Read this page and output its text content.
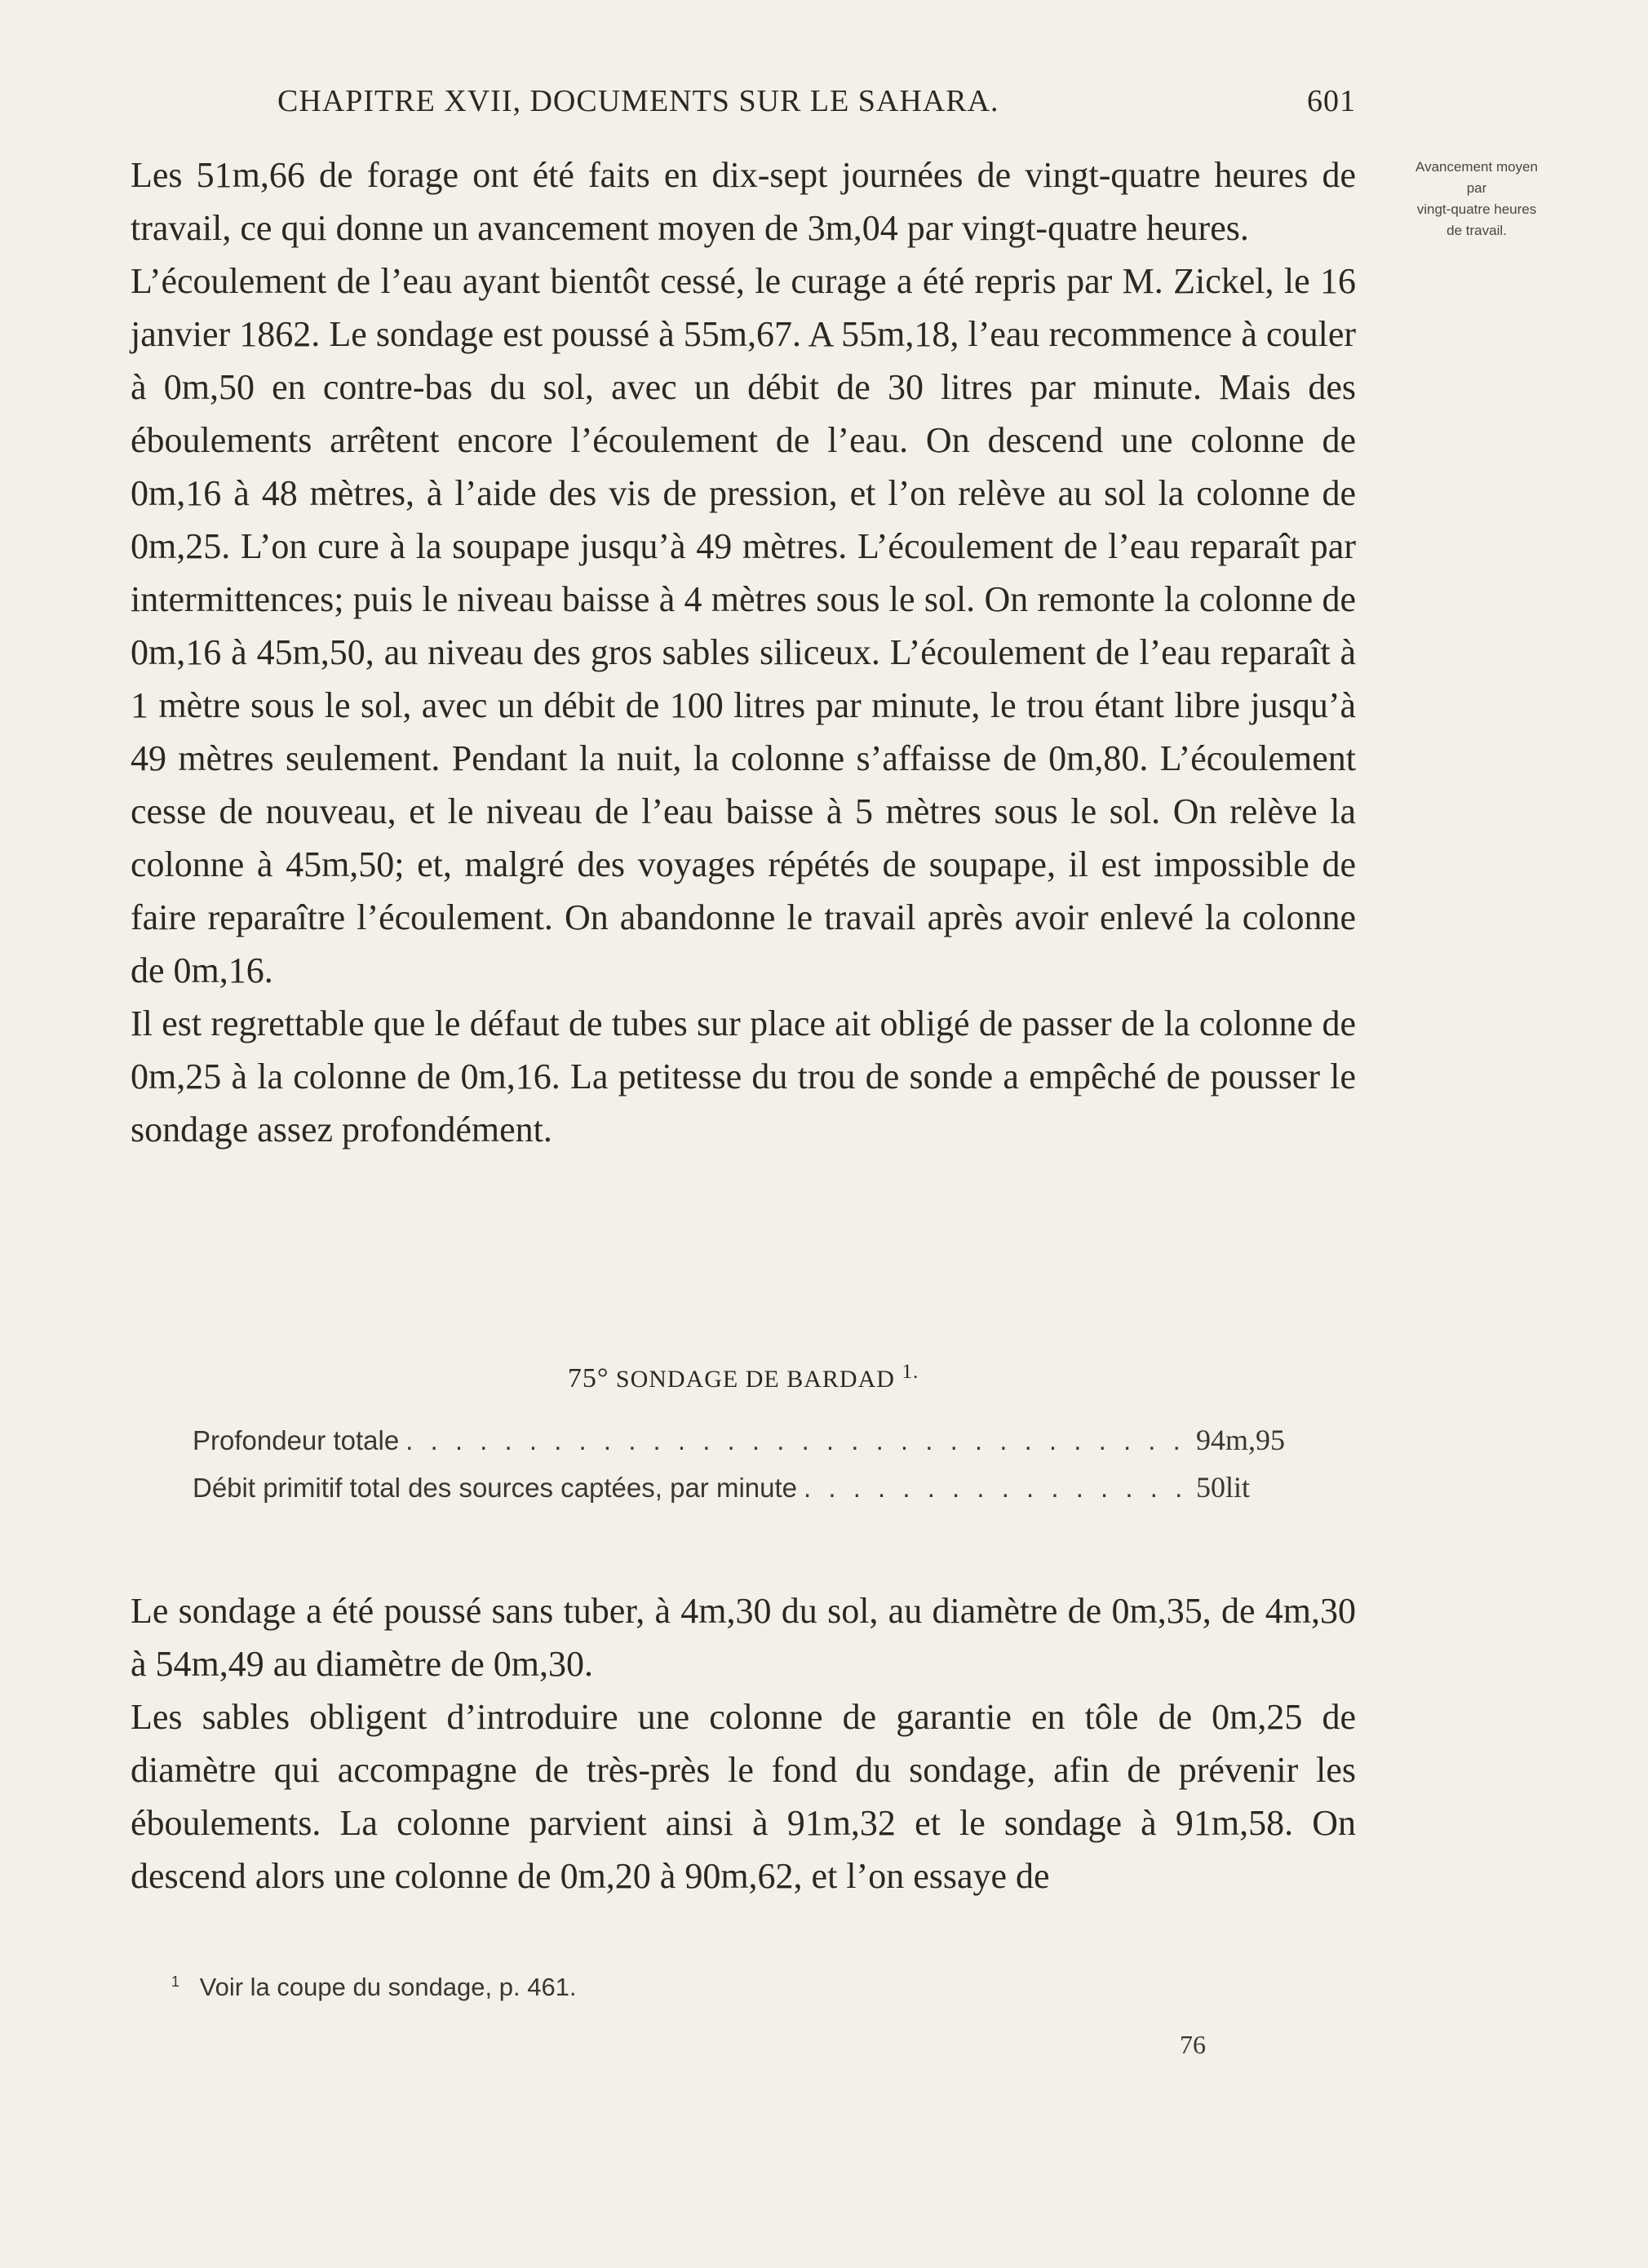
CHAPITRE XVII, DOCUMENTS SUR LE SAHARA.	601
Avancement moyen
par
vingt-quatre heures
de travail.

Les 51m,66 de forage ont été faits en dix-sept journées de vingt-quatre heures de travail, ce qui donne un avancement moyen de 3m,04 par vingt-quatre heures.

L’écoulement de l’eau ayant bientôt cessé, le curage a été repris par M. Zickel, le 16 janvier 1862. Le sondage est poussé à 55m,67. A 55m,18, l’eau recommence à couler à 0m,50 en contre-bas du sol, avec un débit de 30 litres par minute. Mais des éboulements arrêtent encore l’écoulement de l’eau. On descend une colonne de 0m,16 à 48 mètres, à l’aide des vis de pression, et l’on relève au sol la colonne de 0m,25. L’on cure à la soupape jusqu’à 49 mètres. L’écoulement de l’eau reparaît par intermittences; puis le niveau baisse à 4 mètres sous le sol. On remonte la colonne de 0m,16 à 45m,50, au niveau des gros sables siliceux. L’écoulement de l’eau reparaît à 1 mètre sous le sol, avec un débit de 100 litres par minute, le trou étant libre jusqu’à 49 mètres seulement. Pendant la nuit, la colonne s’affaisse de 0m,80. L’écoulement cesse de nouveau, et le niveau de l’eau baisse à 5 mètres sous le sol. On relève la colonne à 45m,50; et, malgré des voyages répétés de soupape, il est impossible de faire reparaître l’écoulement. On abandonne le travail après avoir enlevé la colonne de 0m,16.

Il est regrettable que le défaut de tubes sur place ait obligé de passer de la colonne de 0m,25 à la colonne de 0m,16. La petitesse du trou de sonde a empêché de pousser le sondage assez profondément.

75° SONDAGE DE BARDAD $^{1.}$
Profondeur totale . . .	94m,95
Débit primitif total des sources captées, par minute . . .	50lit

Le sondage a été poussé sans tuber, à 4m,30 du sol, au diamètre de 0m,35, de 4m,30 à 54m,49 au diamètre de 0m,30.

Les sables obligent d’introduire une colonne de garantie en tôle de 0m,25 de diamètre qui accompagne de très-près le fond du sondage, afin de prévenir les éboulements. La colonne parvient ainsi à 91m,32 et le sondage à 91m,58. On descend alors une colonne de 0m,20 à 90m,62, et l’on essaye de

$^1$ Voir la coupe du sondage, p. 461.
76
